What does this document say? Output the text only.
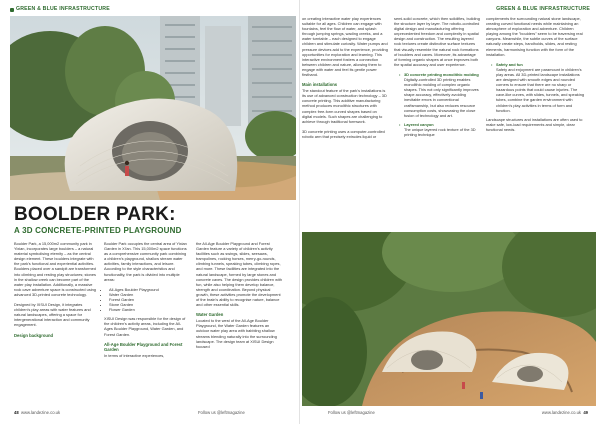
GREEN & BLUE INFRASTRUCTURE	GREEN & BLUE INFRASTRUCTURE
BOOLDER PARK:
A 3D CONCRETE-PRINTED PLAYGROUND

Boulder Park, a 15,000m2 community park in Yixian, incorporates large boulders – a natural material symbolising eternity – as the central design element. These boulders integrate with the park's functional and experiential activities. Boulders placed over a sandpit are transformed into climbing and resting play structures; stones in the shallow creek can become part of the water play installation. Additionally, a massive rock cave adventure space is constructed using advanced 3D-printed concrete technology.

Designed by XISUI Design, it integrates children's play areas with water features and natural landscapes, offering a space for intergenerational interaction and community engagement.

Design background

Boulder Park occupies the central area of Yixian Garden in Xi'an. This 15,000m2 space functions as a comprehensive community park combining a children's playground, shallow stream water activities, family interactions, and leisure. According to the style characteristics and functionality, the park is divided into multiple areas:

• All-Ages Boulder Playground
• Water Garden
• Forest Garden
• Stone Garden
• Flower Garden

XISUI Design was responsible for the design of the children's activity areas, including the All-Ages Boulder Playground, Water Garden, and Forest Garden.

All-Age Boulder Playground and Forest Garden

In terms of interactive experiences,

the All-Age Boulder Playground and Forest Garden feature a variety of children's activity facilities such as swings, slides, seesaws, trampolines, rocking horses, merry-go-rounds, climbing tunnels, speaking tubes, climbing ropes, and more. These facilities are integrated into the natural landscape, formed by large stones and concrete caves. The design provides children with fun, while also helping them develop balance, strength and coordination. Beyond physical growth, these activities promote the development of the brain's ability to recognise nature, balance and other essential skills.

Water Garden

Located to the west of the All-Age Boulder Playground, the Water Garden features an outdoor water play area with babbling shallow streams blending naturally into the surrounding landscape. The design team at XISUI Design focused

on creating interactive water play experiences suitable for all ages. Children can engage with fountains, feel the flow of water, and splash through jumping springs, wading creeks, and a water turntable – each designed to engage children and stimulate curiosity. Water pumps and pressure devices add to the experience, providing opportunities for exploration and learning. This interactive environment fosters a connection between children and nature, allowing them to engage with water and feel its gentle power firsthand.

Main installations

The standout feature of the park's installations is its use of advanced construction technology – 3D concrete printing. This additive manufacturing method produces monolithic structures with complex free-form curved shapes based on digital models. Such shapes are challenging to achieve through traditional formwork.

3D concrete printing uses a computer-controlled robotic arm that precisely extrudes liquid or

semi-solid concrete, which then solidifies, building the structure layer by layer. The robotic-controlled digital design and manufacturing offering unprecedented freedom and complexity in spatial design and construction. The resulting layered rock textures create distinctive surface textures that visually resemble the natural rock formations of boulders and caves. Moreover, its advantage of forming organic shapes at once improves both the spatial accuracy and user experience.

• 3D concrete printing monolithic molding
Digitally-controlled 3D printing enables monolithic molding of complex organic shapes. This not only significantly improves shape accuracy, effectively avoiding inevitable errors in conventional craftsmanship, but also reduces resource consumption costs, showcasing the close fusion of technology and art.
• Layered canyon
The unique layered rock texture of the 3D printing technique

complements the surrounding natural stone landscape, creating curved functional needs while maintaining an atmosphere of exploration and adventure. Children playing among the "boulders" seem to be traversing real canyons. Meanwhile, the subtle curves of the surface naturally create steps, handholds, slides, and resting elements, harmonising function with the form of the installation.

• Safety and fun
Safety and enjoyment are paramount in children's play areas. All 3D-printed landscape installations are designed with smooth edges and rounded corners to ensure that there are no sharp or hazardous points that could cause injuries. The cave-like curves, with slides, tunnels, and speaking tubes, combine the garden environment with children's play activities in terms of form and function.

Landscape structures and installations are often used to make safe, low-load requirements and simple, clear functional needs.

48 www.landezine.co.uk	Follow us @leftmagazine	Follow us @leftmagazine	www.landezine.co.uk 49
